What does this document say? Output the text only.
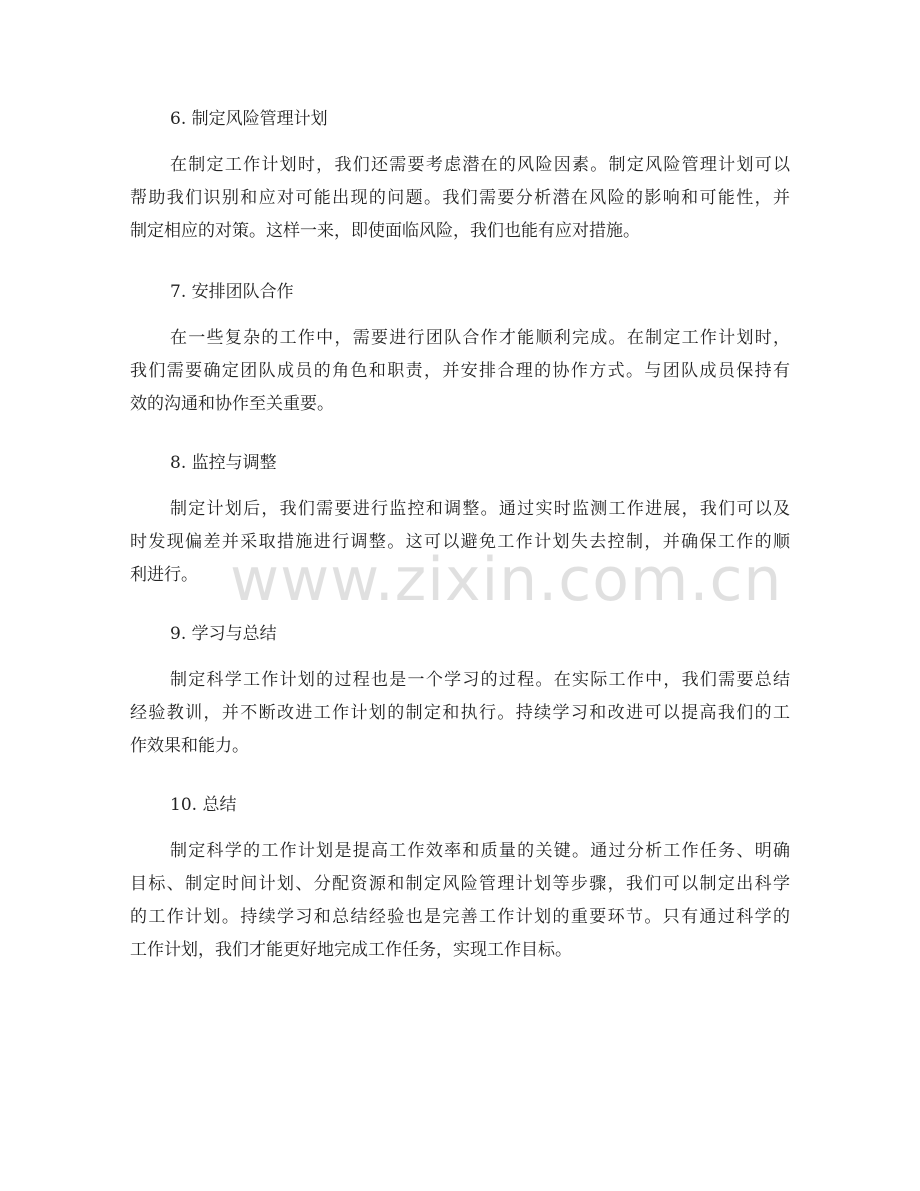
6. 制定风险管理计划
在制定工作计划时，我们还需要考虑潜在的风险因素。制定风险管理计划可以
帮助我们识别和应对可能出现的问题。我们需要分析潜在风险的影响和可能性，并
制定相应的对策。这样一来，即使面临风险，我们也能有应对措施。
7. 安排团队合作
在一些复杂的工作中，需要进行团队合作才能顺利完成。在制定工作计划时，
我们需要确定团队成员的角色和职责，并安排合理的协作方式。与团队成员保持有
效的沟通和协作至关重要。
8. 监控与调整
制定计划后，我们需要进行监控和调整。通过实时监测工作进展，我们可以及
时发现偏差并采取措施进行调整。这可以避免工作计划失去控制，并确保工作的顺
利进行。
9. 学习与总结
制定科学工作计划的过程也是一个学习的过程。在实际工作中，我们需要总结
经验教训，并不断改进工作计划的制定和执行。持续学习和改进可以提高我们的工
作效果和能力。
10. 总结
制定科学的工作计划是提高工作效率和质量的关键。通过分析工作任务、明确
目标、制定时间计划、分配资源和制定风险管理计划等步骤，我们可以制定出科学
的工作计划。持续学习和总结经验也是完善工作计划的重要环节。只有通过科学的
工作计划，我们才能更好地完成工作任务，实现工作目标。
www.zixin.com.cn
